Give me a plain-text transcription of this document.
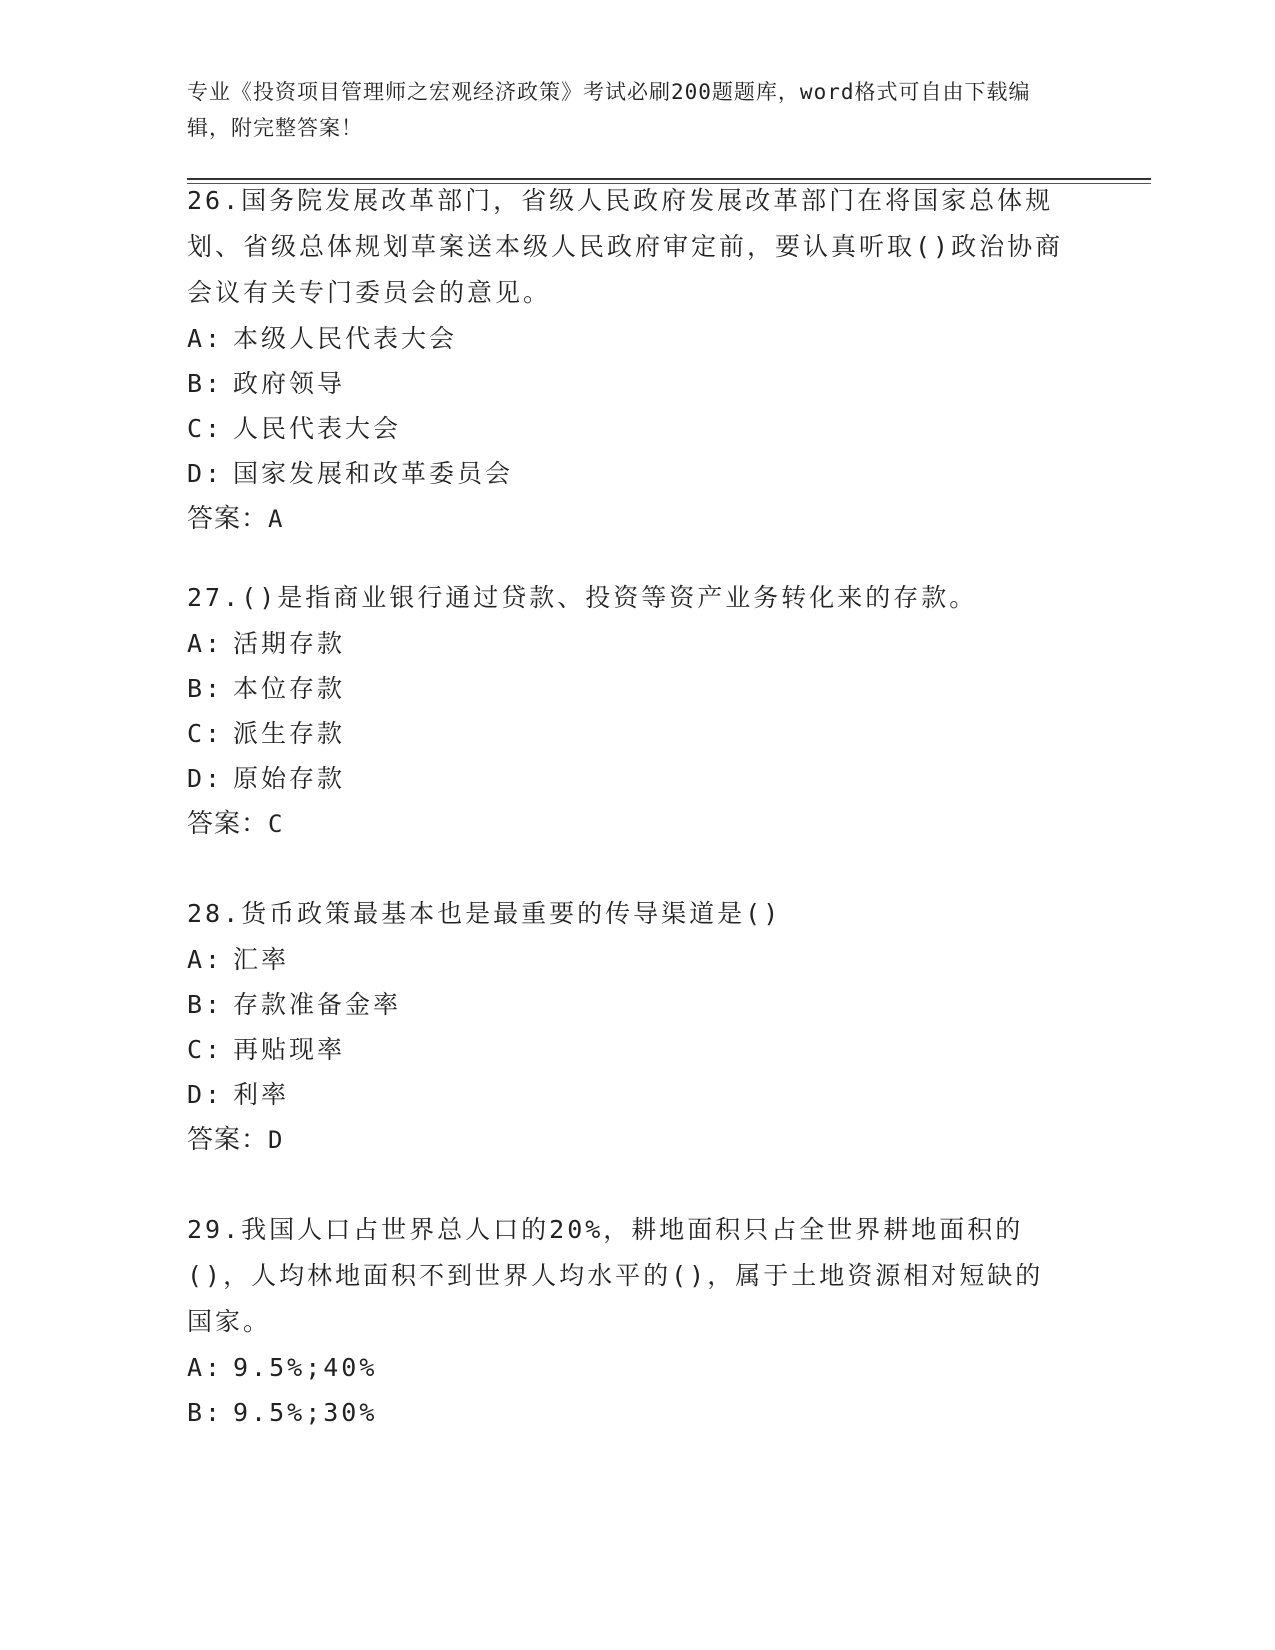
专业《投资项目管理师之宏观经济政策》考试必刷200题题库，word格式可自由下载编辑，附完整答案！
26.国务院发展改革部门，省级人民政府发展改革部门在将国家总体规划、省级总体规划草案送本级人民政府审定前，要认真听取()政治协商会议有关专门委员会的意见。
A: 本级人民代表大会
B: 政府领导
C: 人民代表大会
D: 国家发展和改革委员会
答案：A
27.()是指商业银行通过贷款、投资等资产业务转化来的存款。
A: 活期存款
B: 本位存款
C: 派生存款
D: 原始存款
答案：C
28.货币政策最基本也是最重要的传导渠道是()
A: 汇率
B: 存款准备金率
C: 再贴现率
D: 利率
答案：D
29.我国人口占世界总人口的20%，耕地面积只占全世界耕地面积的()，人均林地面积不到世界人均水平的()，属于土地资源相对短缺的国家。
A: 9.5%;40%
B: 9.5%;30%
